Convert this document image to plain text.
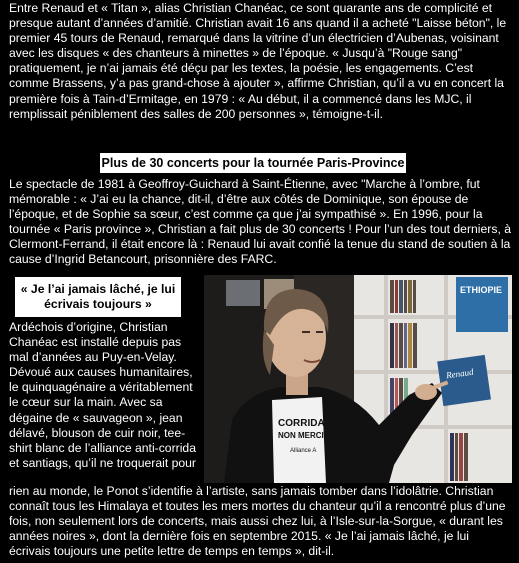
Entre Renaud et « Titan », alias Christian Chanéac, ce sont quarante ans de complicité et presque autant d’années d’amitié. Christian avait 16 ans quand il a acheté "Laisse béton", le premier 45 tours de Renaud, remarqué dans la vitrine d’un électricien d’Aubenas, voisinant avec les disques « des chanteurs à minettes » de l’époque. « Jusqu’à "Rouge sang" pratiquement, je n’ai jamais été déçu par les textes, la poésie, les engagements. C’est comme Brassens, y’a pas grand-chose à ajouter », affirme Christian, qu’il a vu en concert la première fois à Tain-d’Ermitage, en 1979 : « Au début, il a commencé dans les MJC, il remplissait péniblement des salles de 200 personnes », témoigne-t-il.

Plus de 30 concerts pour la tournée Paris-Province

Le spectacle de 1981 à Geoffroy-Guichard à Saint-Étienne, avec "Marche à l’ombre, fut mémorable : « J’ai eu la chance, dit-il, d’être aux côtés de Dominique, son épouse de l’époque, et de Sophie sa sœur, c’est comme ça que j’ai sympathisé ». En 1996, pour la tournée « Paris province », Christian a fait plus de 30 concerts ! Pour l’un des tout derniers, à Clermont-Ferrand, il était encore là : Renaud lui avait confié la tenue du stand de soutien à la cause d’Ingrid Betancourt, prisonnière des FARC.

« Je l’ai jamais lâché, je lui écrivais toujours »

Ardéchois d’origine, Christian Chanéac est installé depuis pas mal d’années au Puy-en-Velay. Dévoué aux causes humanitaires, le quinquagénaire a véritablement le cœur sur la main. Avec sa dégaine de « sauvageon », jean délavé, blouson de cuir noir, tee-shirt blanc de l’alliance anti-corrida et santiags, qu’il ne troquerait pour

ETHIOPIE
Renaud
CORRIDA
NON MERCI
Alliance A

rien au monde, le Ponot s’identifie à l’artiste, sans jamais tomber dans l’idolâtrie. Christian connaît tous les Himalaya et toutes les mers mortes du chanteur qu’il a rencontré plus d’une fois, non seulement lors de concerts, mais aussi chez lui, à l’Isle-sur-la-Sorgue, « durant les années noires », dont la dernière fois en septembre 2015. « Je l’ai jamais lâché, je lui écrivais toujours une petite lettre de temps en temps », dit-il.
